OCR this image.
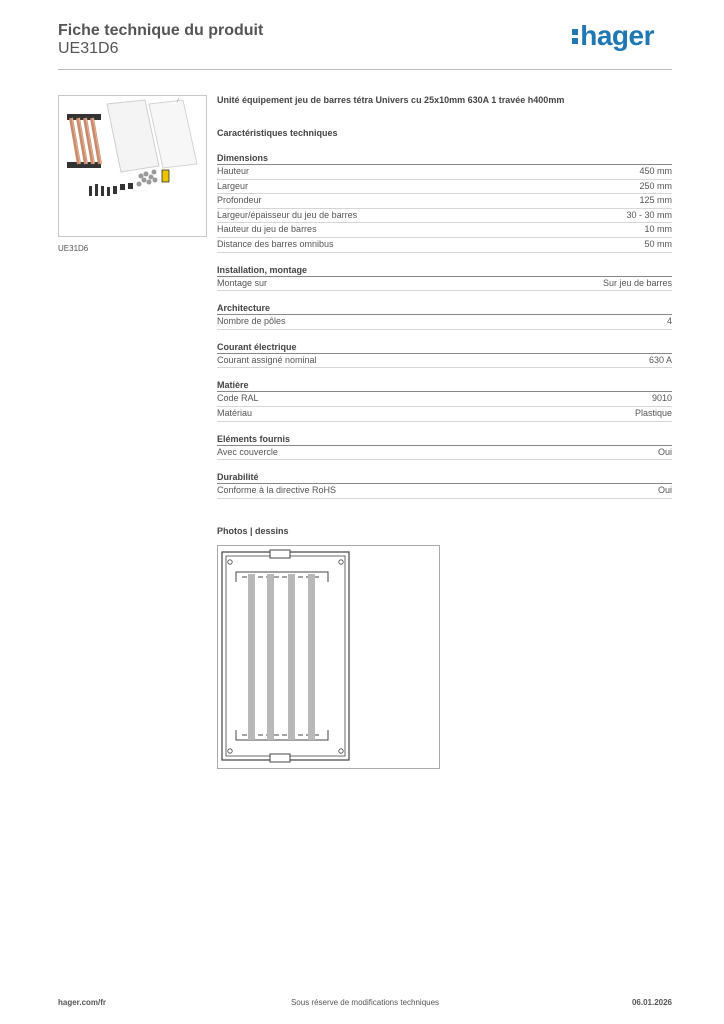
Fiche technique du produit
UE31D6	hager
UE31D6
Unité équipement jeu de barres tétra Univers cu 25x10mm 630A 1 travée h400mm
Caractéristiques techniques
Dimensions
Hauteur	450 mm
Largeur	250 mm
Profondeur	125 mm
Largeur/épaisseur du jeu de barres	30 - 30 mm
Hauteur du jeu de barres	10 mm
Distance des barres omnibus	50 mm
Installation, montage
Montage sur	Sur jeu de barres
Architecture
Nombre de pôles	4
Courant électrique
Courant assigné nominal	630 A
Matière
Code RAL	9010
Matériau	Plastique
Eléments fournis
Avec couvercle	Oui
Durabilité
Conforme à la directive RoHS	Oui
Photos | dessins
hager.com/fr	Sous réserve de modifications techniques	06.01.2026
